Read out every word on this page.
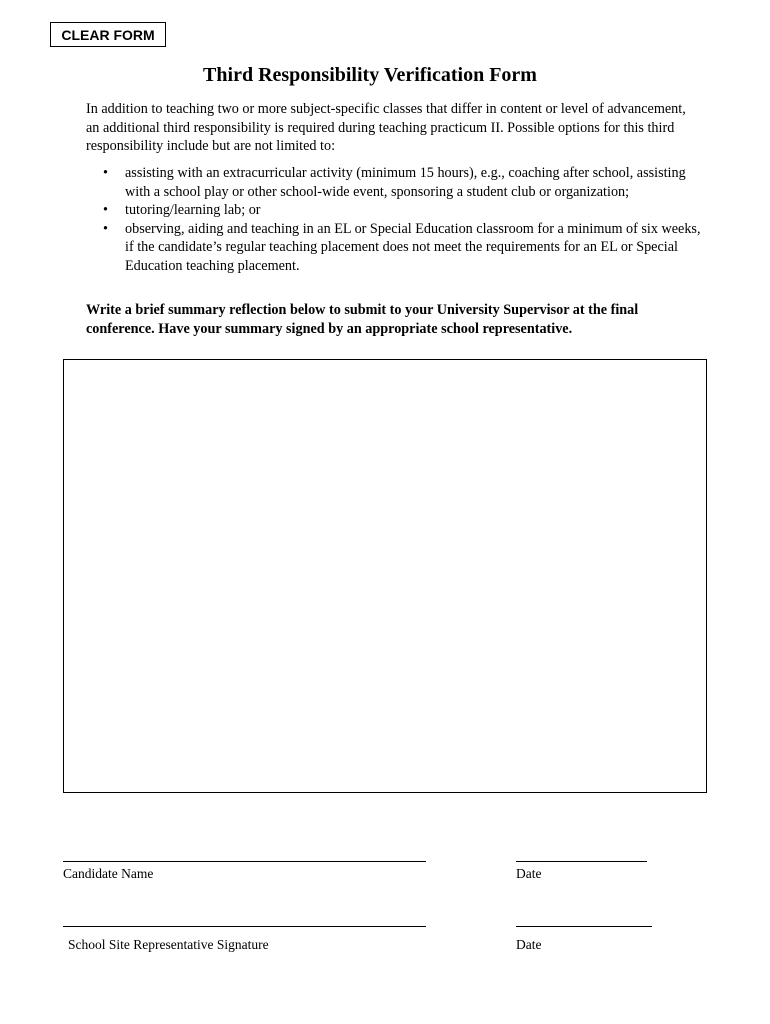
CLEAR FORM
Third Responsibility Verification Form
In addition to teaching two or more subject-specific classes that differ in content or level of advancement, an additional third responsibility is required during teaching practicum II. Possible options for this third responsibility include but are not limited to:
• assisting with an extracurricular activity (minimum 15 hours), e.g., coaching after school, assisting with a school play or other school-wide event, sponsoring a student club or organization;
• tutoring/learning lab; or
• observing, aiding and teaching in an EL or Special Education classroom for a minimum of six weeks, if the candidate’s regular teaching placement does not meet the requirements for an EL or Special Education teaching placement.
Write a brief summary reflection below to submit to your University Supervisor at the final conference. Have your summary signed by an appropriate school representative.
Candidate Name	Date
School Site Representative Signature	Date
